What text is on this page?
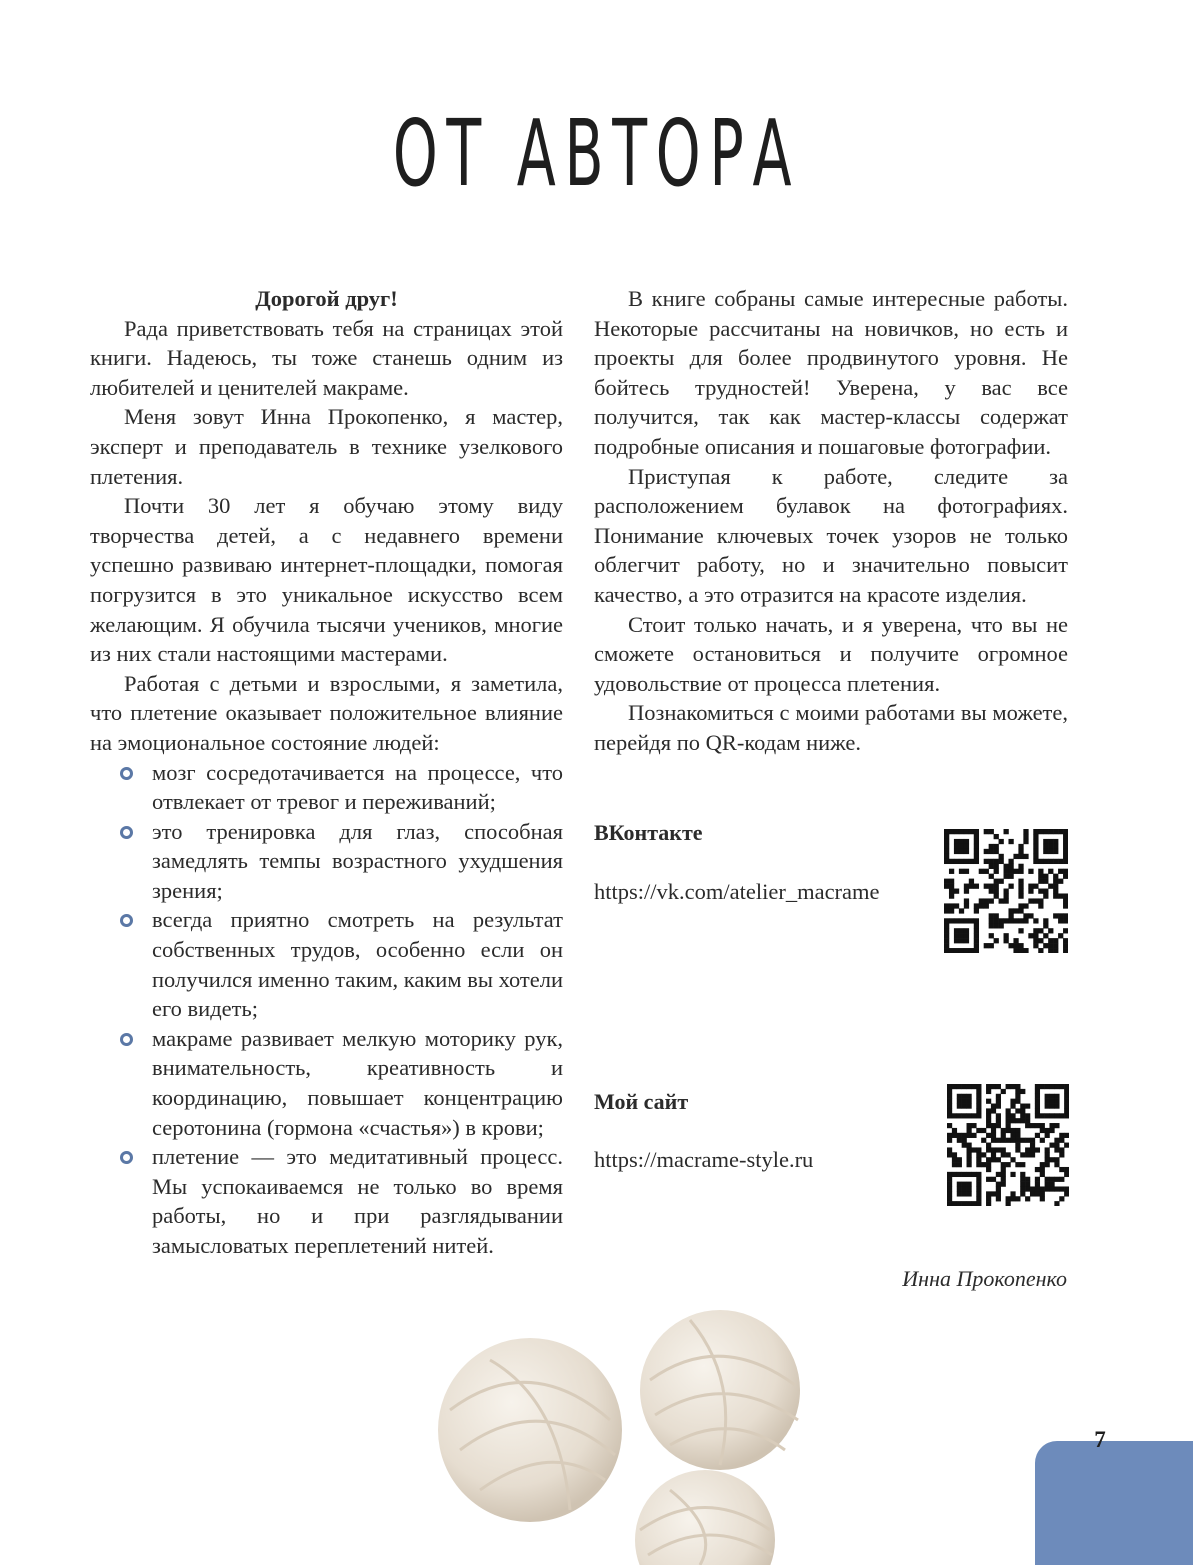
ОТ АВТОРА

Дорогой друг!

Рада приветствовать тебя на страницах этой книги. Надеюсь, ты тоже станешь одним из любителей и ценителей макраме.

Меня зовут Инна Прокопенко, я мастер, эксперт и преподаватель в технике узелкового плетения.

Почти 30 лет я обучаю этому виду творчества детей, а с недавнего времени успешно развиваю интернет-площадки, помогая погрузится в это уникальное искусство всем желающим. Я обучила тысячи учеников, многие из них стали настоящими мастерами.

Работая с детьми и взрослыми, я заметила, что плетение оказывает положительное влияние на эмоциональное состояние людей:

мозг сосредотачивается на процессе, что отвлекает от тревог и переживаний;
это тренировка для глаз, способная замедлять темпы возрастного ухудшения зрения;
всегда приятно смотреть на результат собственных трудов, особенно если он получился именно таким, каким вы хотели его видеть;
макраме развивает мелкую моторику рук, внимательность, креативность и координацию, повышает концентрацию серотонина (гормона «счастья») в крови;
плетение — это медитативный процесс. Мы успокаиваемся не только во время работы, но и при разглядывании замысловатых переплетений нитей.

В книге собраны самые интересные работы. Некоторые рассчитаны на новичков, но есть и проекты для более продвинутого уровня. Не бойтесь трудностей! Уверена, у вас все получится, так как мастер-классы содержат подробные описания и пошаговые фотографии.

Приступая к работе, следите за расположением булавок на фотографиях. Понимание ключевых точек узоров не только облегчит работу, но и значительно повысит качество, а это отразится на красоте изделия.

Стоит только начать, и я уверена, что вы не сможете остановиться и получите огромное удовольствие от процесса плетения.

Познакомиться с моими работами вы можете, перейдя по QR-кодам ниже.

ВКонтакте
https://vk.com/atelier_macrame
Мой сайт
https://macrame-style.ru
Инна Прокопенко
7
